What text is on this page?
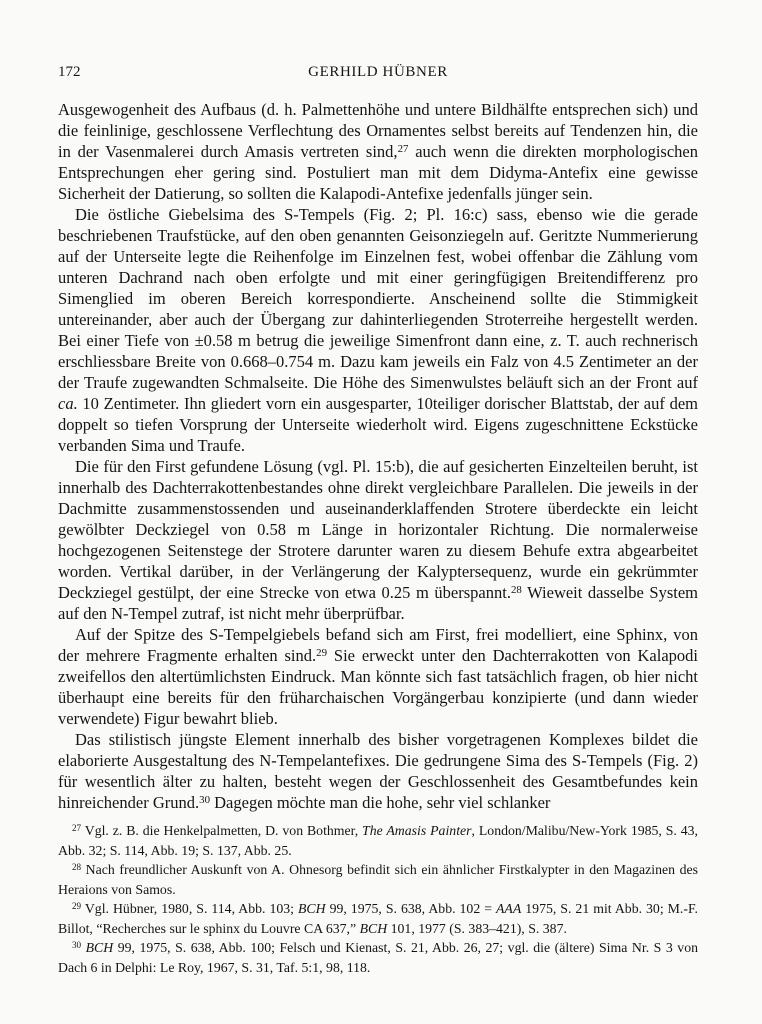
172	GERHILD HÜBNER

Ausgewogenheit des Aufbaus (d. h. Palmettenhöhe und untere Bildhälfte entsprechen sich) und die feinlinige, geschlossene Verflechtung des Ornamentes selbst bereits auf Tendenzen hin, die in der Vasenmalerei durch Amasis vertreten sind,$^{27}$ auch wenn die direkten morphologischen Entsprechungen eher gering sind. Postuliert man mit dem Didyma-Antefix eine gewisse Sicherheit der Datierung, so sollten die Kalapodi-Antefixe jedenfalls jünger sein.

Die östliche Giebelsima des S-Tempels (Fig. 2; Pl. 16:c) sass, ebenso wie die gerade beschriebenen Traufstücke, auf den oben genannten Geisonziegeln auf. Geritzte Nummerierung auf der Unterseite legte die Reihenfolge im Einzelnen fest, wobei offenbar die Zählung vom unteren Dachrand nach oben erfolgte und mit einer geringfügigen Breitendifferenz pro Simenglied im oberen Bereich korrespondierte. Anscheinend sollte die Stimmigkeit untereinander, aber auch der Übergang zur dahinterliegenden Stroterreihe hergestellt werden. Bei einer Tiefe von ±0.58 m betrug die jeweilige Simenfront dann eine, z. T. auch rechnerisch erschliessbare Breite von 0.668–0.754 m. Dazu kam jeweils ein Falz von 4.5 Zentimeter an der der Traufe zugewandten Schmalseite. Die Höhe des Simenwulstes beläuft sich an der Front auf ca. 10 Zentimeter. Ihn gliedert vorn ein ausgesparter, 10teiliger dorischer Blattstab, der auf dem doppelt so tiefen Vorsprung der Unterseite wiederholt wird. Eigens zugeschnittene Eckstücke verbanden Sima und Traufe.

Die für den First gefundene Lösung (vgl. Pl. 15:b), die auf gesicherten Einzelteilen beruht, ist innerhalb des Dachterrakottenbestandes ohne direkt vergleichbare Parallelen. Die jeweils in der Dachmitte zusammenstossenden und auseinanderklaffenden Strotere überdeckte ein leicht gewölbter Deckziegel von 0.58 m Länge in horizontaler Richtung. Die normalerweise hochgezogenen Seitenstege der Strotere darunter waren zu diesem Behufe extra abgearbeitet worden. Vertikal darüber, in der Verlängerung der Kalyptersequenz, wurde ein gekrümmter Deckziegel gestülpt, der eine Strecke von etwa 0.25 m überspannt.$^{28}$ Wieweit dasselbe System auf den N-Tempel zutraf, ist nicht mehr überprüfbar.

Auf der Spitze des S-Tempelgiebels befand sich am First, frei modelliert, eine Sphinx, von der mehrere Fragmente erhalten sind.$^{29}$ Sie erweckt unter den Dachterrakotten von Kalapodi zweifellos den altertümlichsten Eindruck. Man könnte sich fast tatsächlich fragen, ob hier nicht überhaupt eine bereits für den früharchaischen Vorgängerbau konzipierte (und dann wieder verwendete) Figur bewahrt blieb.

Das stilistisch jüngste Element innerhalb des bisher vorgetragenen Komplexes bildet die elaborierte Ausgestaltung des N-Tempelantefixes. Die gedrungene Sima des S-Tempels (Fig. 2) für wesentlich älter zu halten, besteht wegen der Geschlossenheit des Gesamtbefundes kein hinreichender Grund.$^{30}$ Dagegen möchte man die hohe, sehr viel schlanker

$^{27}$ Vgl. z. B. die Henkelpalmetten, D. von Bothmer, The Amasis Painter, London/Malibu/New-York 1985, S. 43, Abb. 32; S. 114, Abb. 19; S. 137, Abb. 25.

$^{28}$ Nach freundlicher Auskunft von A. Ohnesorg befindit sich ein ähnlicher Firstkalypter in den Magazinen des Heraions von Samos.

$^{29}$ Vgl. Hübner, 1980, S. 114, Abb. 103; BCH 99, 1975, S. 638, Abb. 102 = AAA 1975, S. 21 mit Abb. 30; M.-F. Billot, “Recherches sur le sphinx du Louvre CA 637,” BCH 101, 1977 (S. 383–421), S. 387.

$^{30}$ BCH 99, 1975, S. 638, Abb. 100; Felsch und Kienast, S. 21, Abb. 26, 27; vgl. die (ältere) Sima Nr. S 3 von Dach 6 in Delphi: Le Roy, 1967, S. 31, Taf. 5:1, 98, 118.
